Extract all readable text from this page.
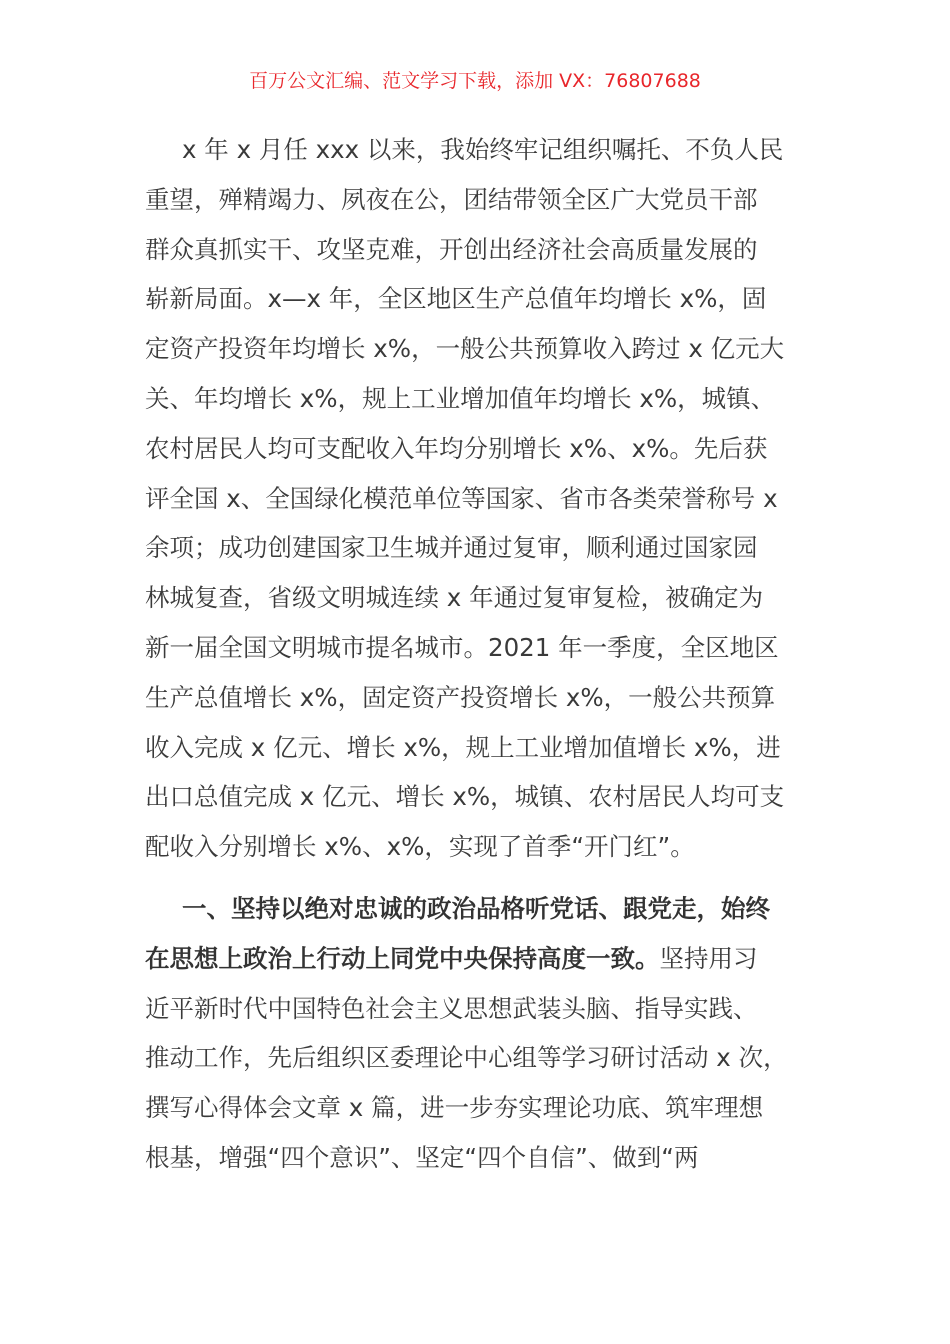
百万公文汇编、范文学习下载，添加 VX：76807688
x 年 x 月任 xxx 以来，我始终牢记组织嘱托、不负人民
重望，殚精竭力、夙夜在公，团结带领全区广大党员干部
群众真抓实干、攻坚克难，开创出经济社会高质量发展的
崭新局面。x—x 年，全区地区生产总值年均增长 x%，固
定资产投资年均增长 x%，一般公共预算收入跨过 x 亿元大
关、年均增长 x%，规上工业增加值年均增长 x%，城镇、
农村居民人均可支配收入年均分别增长 x%、x%。先后获
评全国 x、全国绿化模范单位等国家、省市各类荣誉称号 x
余项；成功创建国家卫生城并通过复审，顺利通过国家园
林城复查，省级文明城连续 x 年通过复审复检，被确定为
新一届全国文明城市提名城市。2021 年一季度，全区地区
生产总值增长 x%，固定资产投资增长 x%，一般公共预算
收入完成 x 亿元、增长 x%，规上工业增加值增长 x%，进
出口总值完成 x 亿元、增长 x%，城镇、农村居民人均可支
配收入分别增长 x%、x%，实现了首季“开门红”。
一、坚持以绝对忠诚的政治品格听党话、跟党走，始终
在思想上政治上行动上同党中央保持高度一致。坚持用习
近平新时代中国特色社会主义思想武装头脑、指导实践、
推动工作，先后组织区委理论中心组等学习研讨活动 x 次，
撰写心得体会文章 x 篇，进一步夯实理论功底、筑牢理想
根基，增强“四个意识”、坚定“四个自信”、做到“两
